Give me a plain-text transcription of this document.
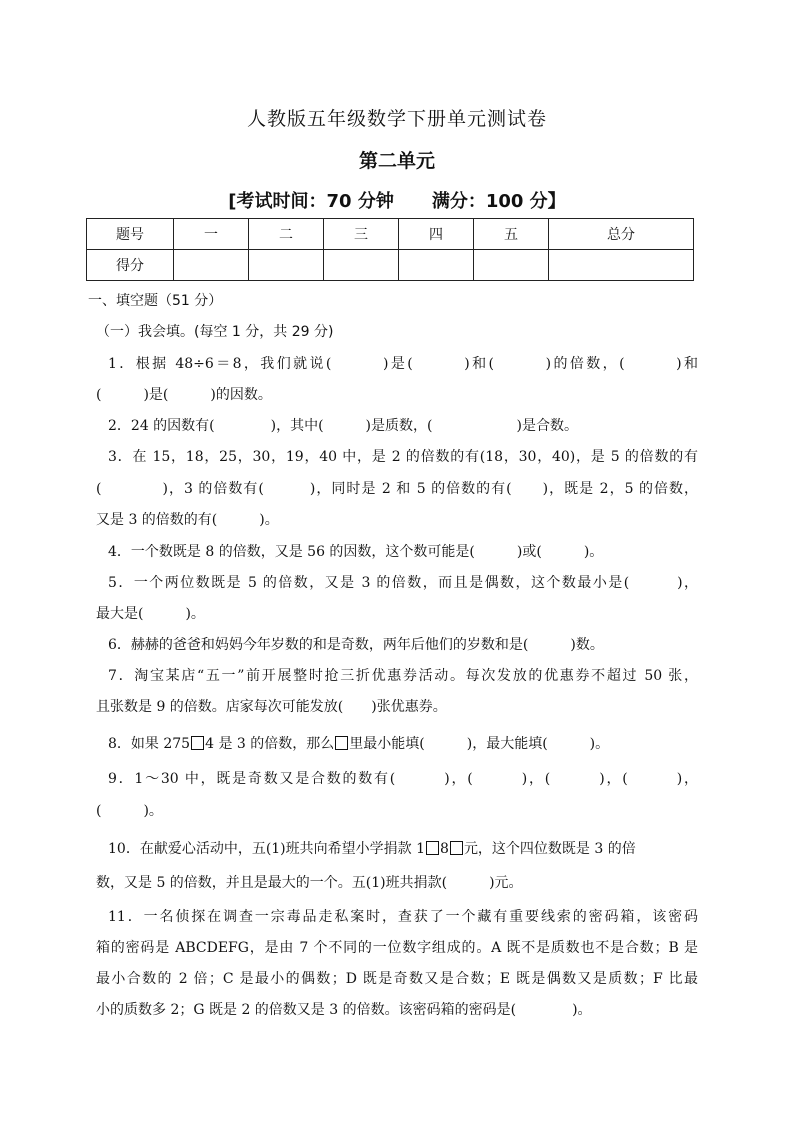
人教版五年级数学下册单元测试卷
第二单元
[考试时间：70 分钟 满分：100 分】
题号	一	二	三	四	五	总分
得分						
一、填空题（51 分）
（一）我会填。(每空 1 分，共 29 分)
1．根据 48÷6＝8，我们就说(　　　)是(　　　)和(　　　)的倍数，(　　　)和
(　　　)是(　　　)的因数。
2．24 的因数有(　　　　)，其中(　　　)是质数，(　　　　　　)是合数。
3．在 15，18，25，30，19，40 中，是 2 的倍数的有(18，30，40)，是 5 的倍数的有
(　　　　)，3 的倍数有(　　　)，同时是 2 和 5 的倍数的有(　　)，既是 2，5 的倍数，
又是 3 的倍数的有(　　　)。
4．一个数既是 8 的倍数，又是 56 的因数，这个数可能是(　　　)或(　　　)。
5．一个两位数既是 5 的倍数，又是 3 的倍数，而且是偶数，这个数最小是(　　　)，
最大是(　　　)。
6．赫赫的爸爸和妈妈今年岁数的和是奇数，两年后他们的岁数和是(　　　)数。
7．淘宝某店“五一”前开展整时抢三折优惠券活动。每次发放的优惠券不超过 50 张，
且张数是 9 的倍数。店家每次可能发放(　　)张优惠券。
8．如果 275 4 是 3 的倍数，那么 里最小能填(　　　)，最大能填(　　　)。
9．1～30 中，既是奇数又是合数的数有(　　　)，(　　　)，(　　　)，(　　　)，
(　　　)。
10．在献爱心活动中，五(1)班共向希望小学捐款 1 8 元，这个四位数既是 3 的倍
数，又是 5 的倍数，并且是最大的一个。五(1)班共捐款(　　　)元。
11．一名侦探在调查一宗毒品走私案时，查获了一个藏有重要线索的密码箱，该密码
箱的密码是 ABCDEFG，是由 7 个不同的一位数字组成的。A 既不是质数也不是合数；B 是
最小合数的 2 倍；C 是最小的偶数；D 既是奇数又是合数；E 既是偶数又是质数；F 比最
小的质数多 2；G 既是 2 的倍数又是 3 的倍数。该密码箱的密码是(　　　　)。
